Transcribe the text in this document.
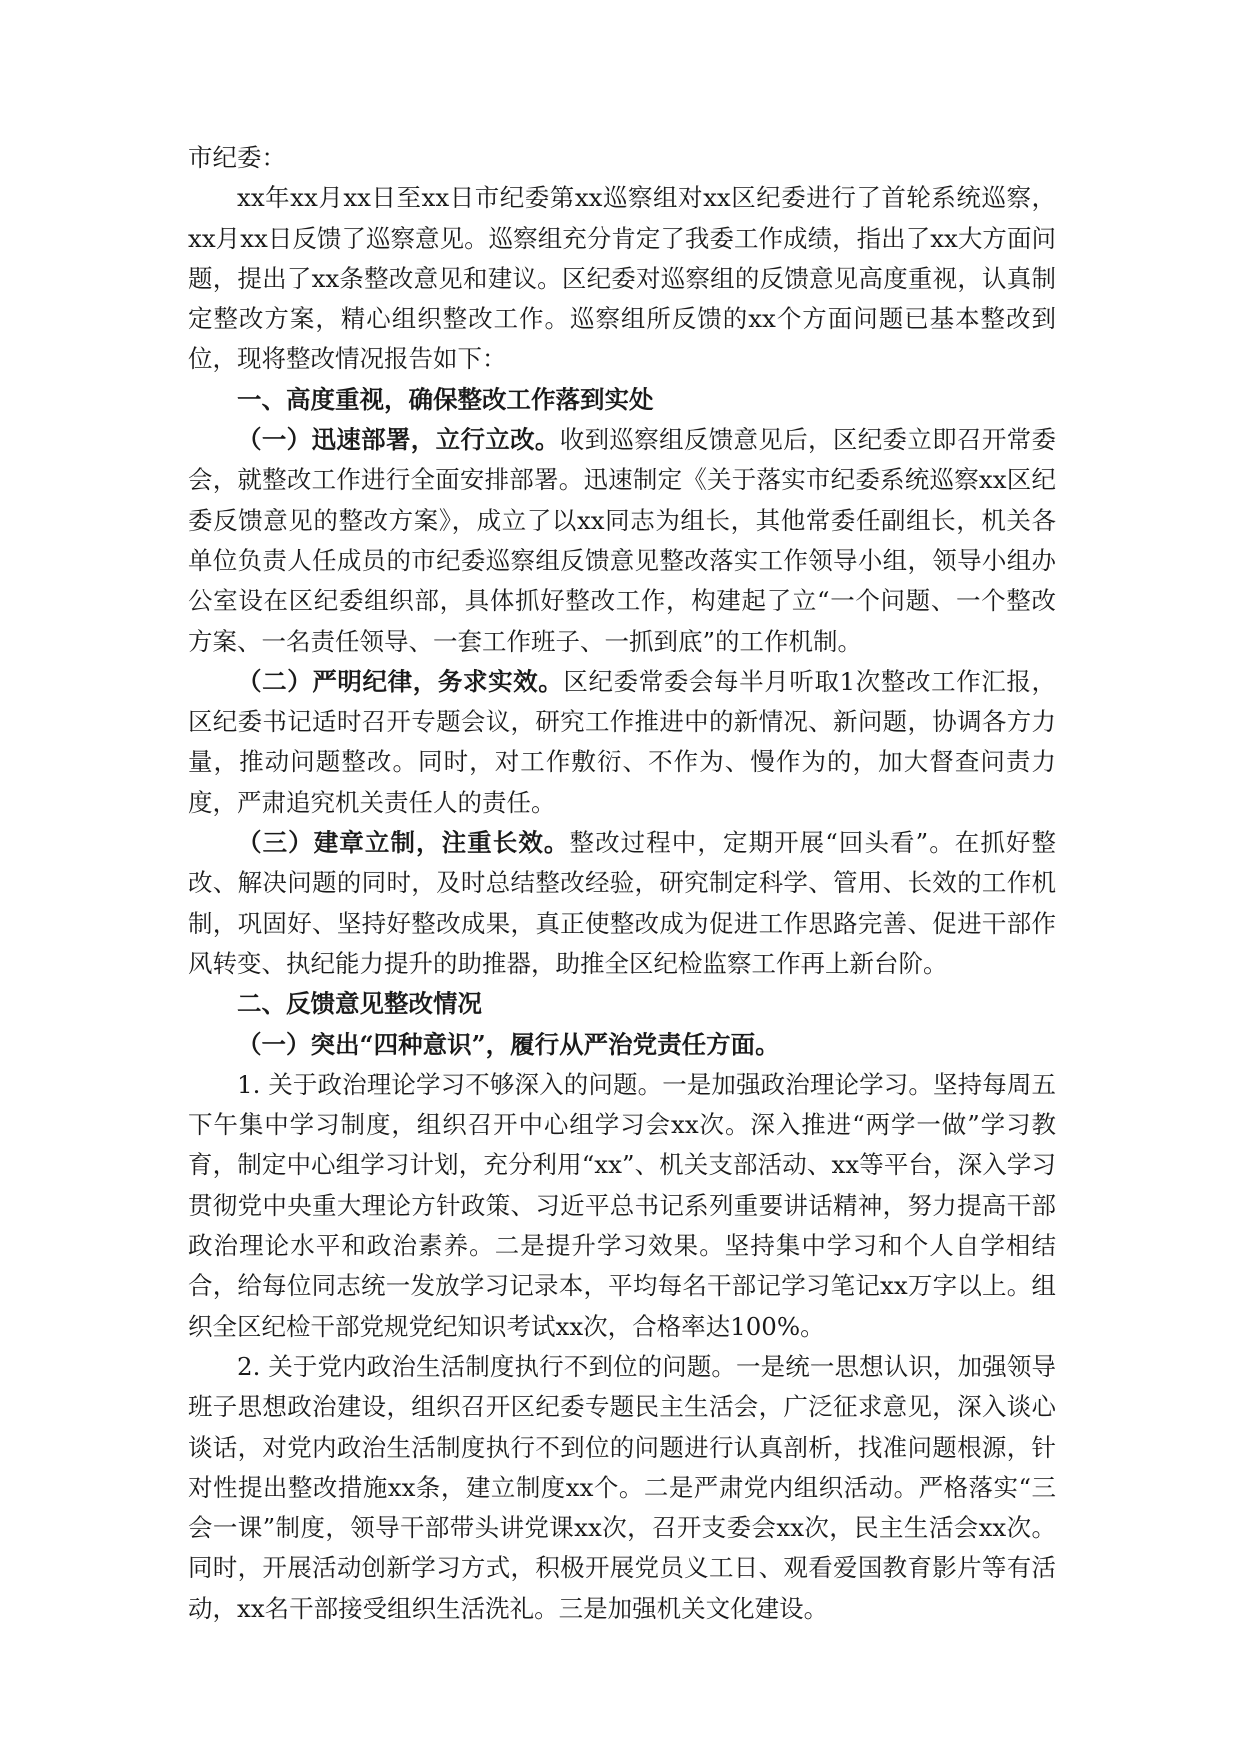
市纪委：

xx年xx月xx日至xx日市纪委第xx巡察组对xx区纪委进行了首轮系统巡察，xx月xx日反馈了巡察意见。巡察组充分肯定了我委工作成绩，指出了xx大方面问题，提出了xx条整改意见和建议。区纪委对巡察组的反馈意见高度重视，认真制定整改方案，精心组织整改工作。巡察组所反馈的xx个方面问题已基本整改到位，现将整改情况报告如下：

一、高度重视，确保整改工作落到实处

（一）迅速部署，立行立改。收到巡察组反馈意见后，区纪委立即召开常委会，就整改工作进行全面安排部署。迅速制定《关于落实市纪委系统巡察xx区纪委反馈意见的整改方案》，成立了以xx同志为组长，其他常委任副组长，机关各单位负责人任成员的市纪委巡察组反馈意见整改落实工作领导小组，领导小组办公室设在区纪委组织部，具体抓好整改工作，构建起了立“一个问题、一个整改方案、一名责任领导、一套工作班子、一抓到底”的工作机制。

（二）严明纪律，务求实效。区纪委常委会每半月听取1次整改工作汇报，区纪委书记适时召开专题会议，研究工作推进中的新情况、新问题，协调各方力量，推动问题整改。同时，对工作敷衍、不作为、慢作为的，加大督查问责力度，严肃追究机关责任人的责任。

（三）建章立制，注重长效。整改过程中，定期开展“回头看”。在抓好整改、解决问题的同时，及时总结整改经验，研究制定科学、管用、长效的工作机制，巩固好、坚持好整改成果，真正使整改成为促进工作思路完善、促进干部作风转变、执纪能力提升的助推器，助推全区纪检监察工作再上新台阶。

二、反馈意见整改情况

（一）突出“四种意识”，履行从严治党责任方面。

1. 关于政治理论学习不够深入的问题。一是加强政治理论学习。坚持每周五下午集中学习制度，组织召开中心组学习会xx次。深入推进“两学一做”学习教育，制定中心组学习计划，充分利用“xx”、机关支部活动、xx等平台，深入学习贯彻党中央重大理论方针政策、习近平总书记系列重要讲话精神，努力提高干部政治理论水平和政治素养。二是提升学习效果。坚持集中学习和个人自学相结合，给每位同志统一发放学习记录本，平均每名干部记学习笔记xx万字以上。组织全区纪检干部党规党纪知识考试xx次，合格率达100%。

2. 关于党内政治生活制度执行不到位的问题。一是统一思想认识，加强领导班子思想政治建设，组织召开区纪委专题民主生活会，广泛征求意见，深入谈心谈话，对党内政治生活制度执行不到位的问题进行认真剖析，找准问题根源，针对性提出整改措施xx条，建立制度xx个。二是严肃党内组织活动。严格落实“三会一课”制度，领导干部带头讲党课xx次，召开支委会xx次，民主生活会xx次。同时，开展活动创新学习方式，积极开展党员义工日、观看爱国教育影片等有活动，xx名干部接受组织生活洗礼。三是加强机关文化建设。
